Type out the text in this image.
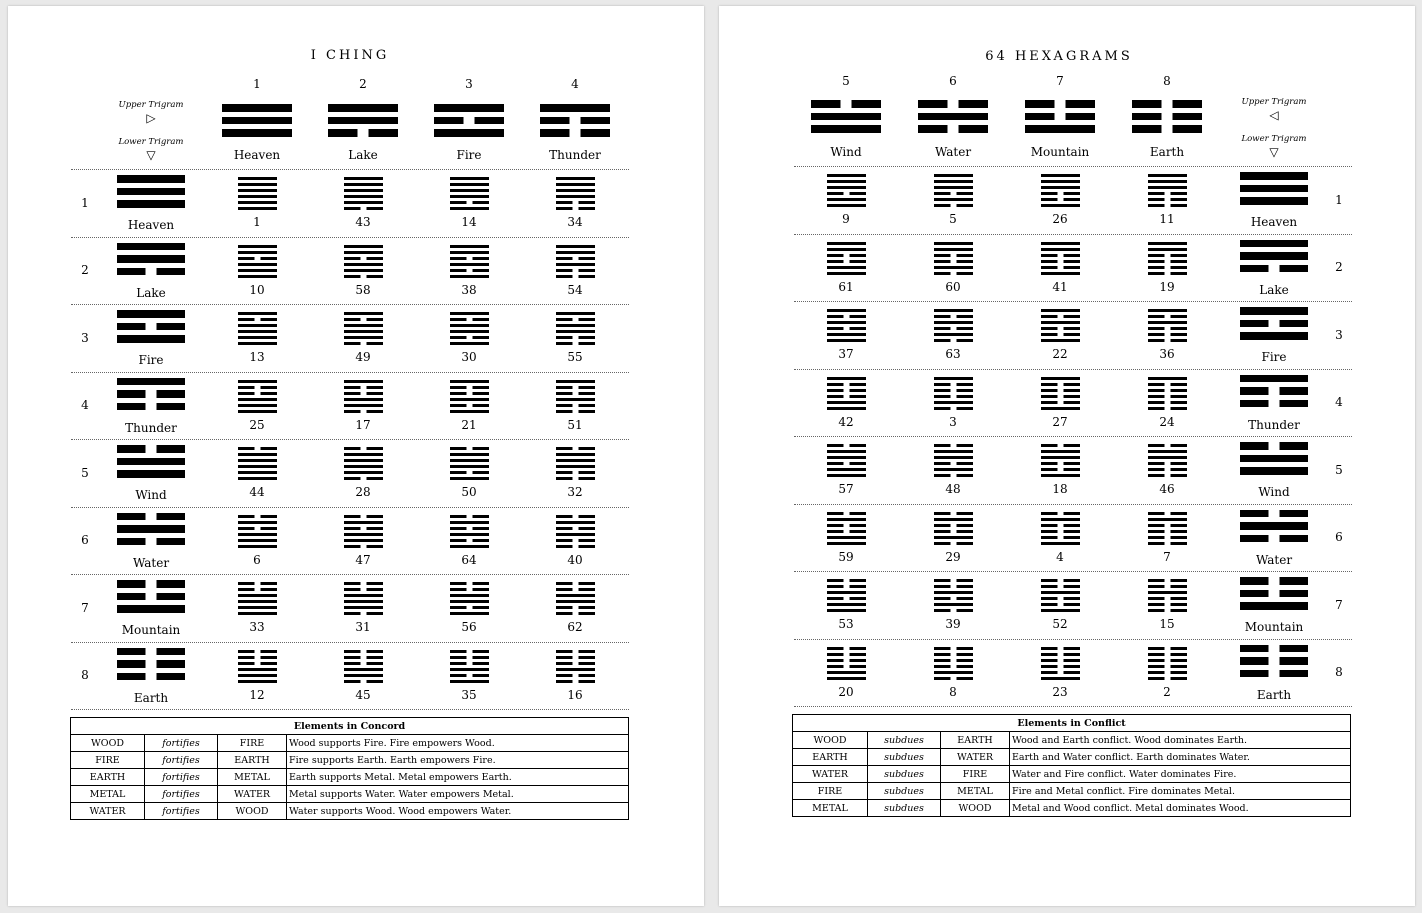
I CHING
1	2	3	4
Heaven	Lake	Fire	Thunder
Upper Trigram
▷
Lower Trigram
▽
1
Heaven	1	43	14	34
2
Lake	10	58	38	54
3
Fire	13	49	30	55
4
Thunder	25	17	21	51
5
Wind	44	28	50	32
6
Water	6	47	64	40
7
Mountain	33	31	56	62
8
Earth	12	45	35	16
Elements in Concord			
WOOD	fortifies	FIRE	Wood supports Fire. Fire empowers Wood.
FIRE	fortifies	EARTH	Fire supports Earth. Earth empowers Fire.
EARTH	fortifies	METAL	Earth supports Metal. Metal empowers Earth.
METAL	fortifies	WATER	Metal supports Water. Water empowers Metal.
WATER	fortifies	WOOD	Water supports Wood. Wood empowers Water.
64 HEXAGRAMS
5	6	7	8
Wind	Water	Mountain	Earth
Upper Trigram
◁
Lower Trigram
▽
1
Heaven
9	5	26	11
2
Lake
61	60	41	19
3
Fire
37	63	22	36
4
Thunder
42	3	27	24
5
Wind
57	48	18	46
6
Water
59	29	4	7
7
Mountain
53	39	52	15
8
Earth
20	8	23	2
Elements in Conflict			
WOOD	subdues	EARTH	Wood and Earth conflict. Wood dominates Earth.
EARTH	subdues	WATER	Earth and Water conflict. Earth dominates Water.
WATER	subdues	FIRE	Water and Fire conflict. Water dominates Fire.
FIRE	subdues	METAL	Fire and Metal conflict. Fire dominates Metal.
METAL	subdues	WOOD	Metal and Wood conflict. Metal dominates Wood.
